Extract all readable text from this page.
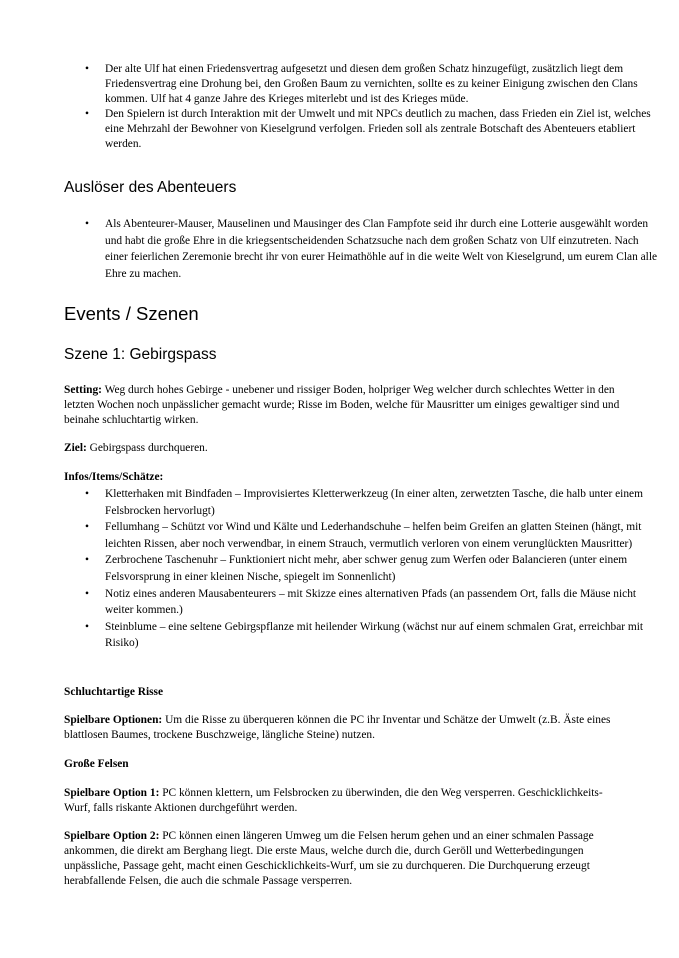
• Der alte Ulf hat einen Friedensvertrag aufgesetzt und diesen dem großen Schatz hinzugefügt, zusätzlich liegt dem Friedensvertrag eine Drohung bei, den Großen Baum zu vernichten, sollte es zu keiner Einigung zwischen den Clans kommen. Ulf hat 4 ganze Jahre des Krieges miterlebt und ist des Krieges müde.
• Den Spielern ist durch Interaktion mit der Umwelt und mit NPCs deutlich zu machen, dass Frieden ein Ziel ist, welches eine Mehrzahl der Bewohner von Kieselgrund verfolgen. Frieden soll als zentrale Botschaft des Abenteuers etabliert werden.
Auslöser des Abenteuers
• Als Abenteurer-Mauser, Mauselinen und Mausinger des Clan Fampfote seid ihr durch eine Lotterie ausgewählt worden und habt die große Ehre in die kriegsentscheidenden Schatzsuche nach dem großen Schatz von Ulf einzutreten. Nach einer feierlichen Zeremonie brecht ihr von eurer Heimathöhle auf in die weite Welt von Kieselgrund, um eurem Clan alle Ehre zu machen.
Events / Szenen
Szene 1: Gebirgspass

Setting: Weg durch hohes Gebirge - unebener und rissiger Boden, holpriger Weg welcher durch schlechtes Wetter in den letzten Wochen noch unpässlicher gemacht wurde; Risse im Boden, welche für Mausritter um einiges gewaltiger sind und beinahe schluchtartig wirken.

Ziel: Gebirgspass durchqueren.

Infos/Items/Schätze:

• Kletterhaken mit Bindfaden – Improvisiertes Kletterwerkzeug (In einer alten, zerwetzten Tasche, die halb unter einem Felsbrocken hervorlugt)
• Fellumhang – Schützt vor Wind und Kälte und Lederhandschuhe – helfen beim Greifen an glatten Steinen (hängt, mit leichten Rissen, aber noch verwendbar, in einem Strauch, vermutlich verloren von einem verunglückten Mausritter)
• Zerbrochene Taschenuhr – Funktioniert nicht mehr, aber schwer genug zum Werfen oder Balancieren (unter einem Felsvorsprung in einer kleinen Nische, spiegelt im Sonnenlicht)
• Notiz eines anderen Mausabenteurers – mit Skizze eines alternativen Pfads (an passendem Ort, falls die Mäuse nicht weiter kommen.)
• Steinblume – eine seltene Gebirgspflanze mit heilender Wirkung (wächst nur auf einem schmalen Grat, erreichbar mit Risiko)

Schluchtartige Risse

Spielbare Optionen: Um die Risse zu überqueren können die PC ihr Inventar und Schätze der Umwelt (z.B. Äste eines blattlosen Baumes, trockene Buschzweige, längliche Steine) nutzen.

Große Felsen

Spielbare Option 1: PC können klettern, um Felsbrocken zu überwinden, die den Weg versperren. Geschicklichkeits-Wurf, falls riskante Aktionen durchgeführt werden.

Spielbare Option 2: PC können einen längeren Umweg um die Felsen herum gehen und an einer schmalen Passage ankommen, die direkt am Berghang liegt. Die erste Maus, welche durch die, durch Geröll und Wetterbedingungen unpässliche, Passage geht, macht einen Geschicklichkeits-Wurf, um sie zu durchqueren. Die Durchquerung erzeugt herabfallende Felsen, die auch die schmale Passage versperren.
